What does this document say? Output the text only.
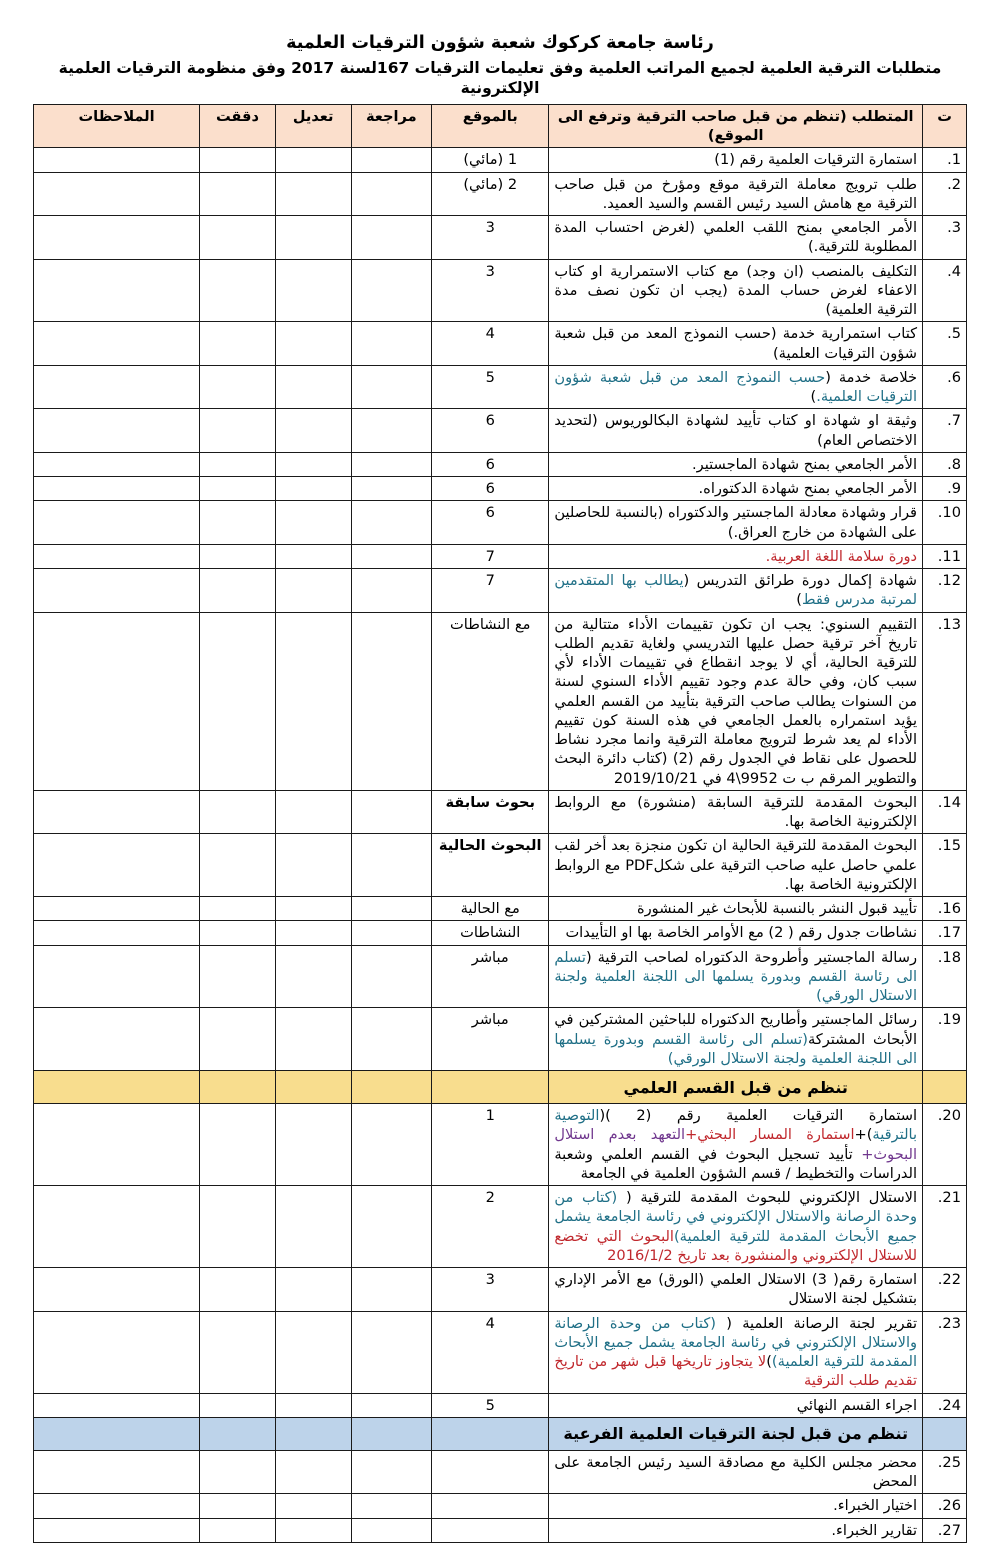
رئاسة جامعة كركوك شعبة شؤون الترقيات العلمية
متطلبات الترقية العلمية لجميع المراتب العلمية وفق تعليمات الترقيات 167لسنة 2017 وفق منظومة الترقيات العلمية الإلكترونية
ت	المتطلب (تنظم من قبل صاحب الترقية وترفع الى الموقع)	بالموقع	مراجعة	تعديل	دققت	الملاحظات
1.	استمارة الترقيات العلمية رقم (1)	1 (مائي)				
2.	طلب ترويج معاملة الترقية موقع ومؤرخ من قبل صاحب الترقية مع هامش السيد رئيس القسم والسيد العميد.	2 (مائي)				
3.	الأمر الجامعي بمنح اللقب العلمي (لغرض احتساب المدة المطلوبة للترقية.)	3				
4.	التكليف بالمنصب (ان وجد) مع كتاب الاستمرارية او كتاب الاعفاء لغرض حساب المدة (يجب ان تكون نصف مدة الترقية العلمية)	3				
5.	كتاب استمرارية خدمة (حسب النموذج المعد من قبل شعبة شؤون الترقيات العلمية)	4				
6.	خلاصة خدمة (حسب النموذج المعد من قبل شعبة شؤون الترقيات العلمية.)	5				
7.	وثيقة او شهادة او كتاب تأييد لشهادة البكالوريوس (لتحديد الاختصاص العام)	6				
8.	الأمر الجامعي بمنح شهادة الماجستير.	6				
9.	الأمر الجامعي بمنح شهادة الدكتوراه.	6				
10.	قرار وشهادة معادلة الماجستير والدكتوراه (بالنسبة للحاصلين على الشهادة من خارج العراق.)	6				
11.	دورة سلامة اللغة العربية.	7				
12.	شهادة إكمال دورة طرائق التدريس (يطالب بها المتقدمين لمرتبة مدرس فقط)	7				
13.	التقييم السنوي: يجب ان تكون تقييمات الأداء متتالية من تاريخ آخر ترقية حصل عليها التدريسي ولغاية تقديم الطلب للترقية الحالية، أي لا يوجد انقطاع في تقييمات الأداء لأي سبب كان، وفي حالة عدم وجود تقييم الأداء السنوي لسنة من السنوات يطالب صاحب الترقية بتأييد من القسم العلمي يؤيد استمراره بالعمل الجامعي في هذه السنة كون تقييم الأداء لم يعد شرط لترويج معاملة الترقية وانما مجرد نشاط للحصول على نقاط في الجدول رقم (2) (كتاب دائرة البحث والتطوير المرقم ب ت 9952\4 في 2019/10/21	مع النشاطات				
14.	البحوث المقدمة للترقية السابقة (منشورة) مع الروابط الإلكترونية الخاصة بها.	بحوث سابقة				
15.	البحوث المقدمة للترقية الحالية ان تكون منجزة بعد أخر لقب علمي حاصل عليه صاحب الترقية على شكلPDF مع الروابط الإلكترونية الخاصة بها.	البحوث الحالية				
16.	تأييد قبول النشر بالنسبة للأبحاث غير المنشورة	مع الحالية				
17.	نشاطات جدول رقم ( 2) مع الأوامر الخاصة بها او التأييدات	النشاطات				
18.	رسالة الماجستير وأطروحة الدكتوراه لصاحب الترقية (تسلم الى رئاسة القسم وبدورة يسلمها الى اللجنة العلمية ولجنة الاستلال الورقي)	مباشر				
19.	رسائل الماجستير وأطاريح الدكتوراه للباحثين المشتركين في الأبحاث المشتركة(تسلم الى رئاسة القسم وبدورة يسلمها الى اللجنة العلمية ولجنة الاستلال الورقي)	مباشر				
	تنظم من قبل القسم العلمي					
20.	استمارة الترقيات العلمية رقم (2 )(التوصية بالترقية)+استمارة المسار البحثي+التعهد بعدم استلال البحوث+ تأييد تسجيل البحوث في القسم العلمي وشعبة الدراسات والتخطيط / قسم الشؤون العلمية في الجامعة	1				
21.	الاستلال الإلكتروني للبحوث المقدمة للترقية ( (كتاب من وحدة الرصانة والاستلال الإلكتروني في رئاسة الجامعة يشمل جميع الأبحاث المقدمة للترقية العلمية)البحوث التي تخضع للاستلال الإلكتروني والمنشورة بعد تاريخ 2016/1/2	2				
22.	استمارة رقم( 3) الاستلال العلمي (الورق) مع الأمر الإداري بتشكيل لجنة الاستلال	3				
23.	تقرير لجنة الرصانة العلمية ( (كتاب من وحدة الرصانة والاستلال الإلكتروني في رئاسة الجامعة يشمل جميع الأبحاث المقدمة للترقية العلمية))لا يتجاوز تاريخها قبل شهر من تاريخ تقديم طلب الترقية	4				
24.	اجراء القسم النهائي	5				
	تنظم من قبل لجنة الترقيات العلمية الفرعية					
25.	محضر مجلس الكلية مع مصادقة السيد رئيس الجامعة على المحض					
26.	اختيار الخبراء.					
27.	تقارير الخبراء.					
